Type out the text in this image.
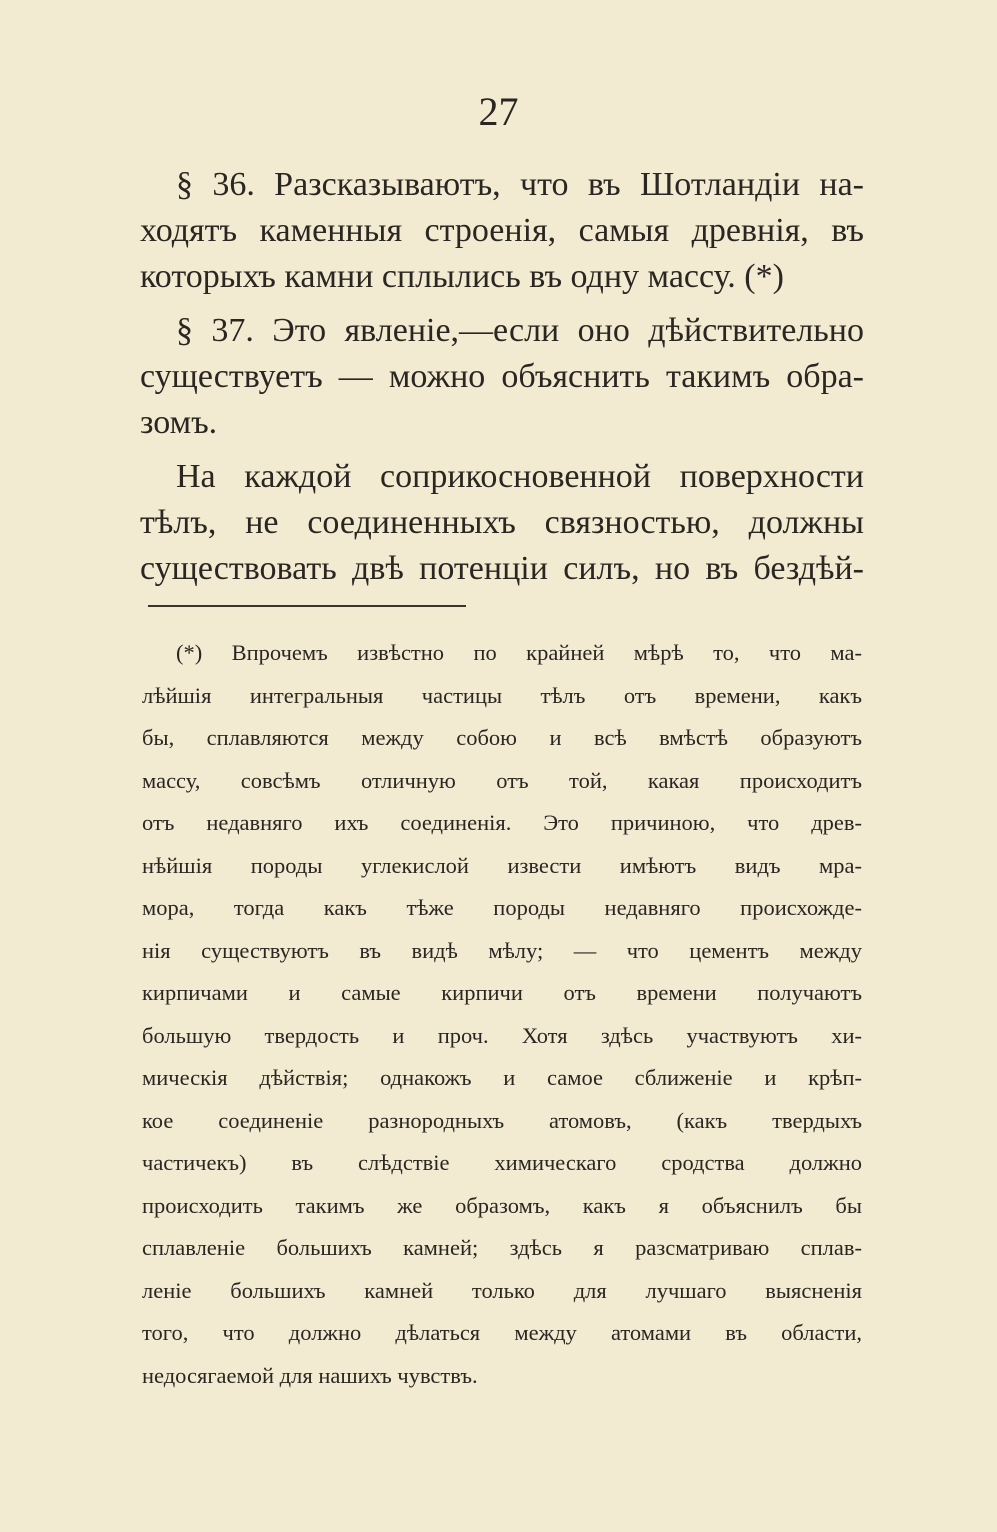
27
§ 36. Разсказываютъ, что въ Шотландіи на-
ходятъ каменныя строенія, самыя древнія, въ
которыхъ камни сплылись въ одну массу. (*)
§ 37. Это явленіе,—если оно дѣйствительно
существуетъ — можно объяснить такимъ обра-
зомъ.
На каждой соприкосновенной поверхности
тѣлъ, не соединенныхъ связностью, должны
существовать двѣ потенціи силъ, но въ бездѣй-
(*) Впрочемъ извѣстно по крайней мѣрѣ то, что ма-
лѣйшія интегральныя частицы тѣлъ отъ времени, какъ
бы, сплавляются между собою и всѣ вмѣстѣ образуютъ
массу, совсѣмъ отличную отъ той, какая происходитъ
отъ недавняго ихъ соединенія. Это причиною, что древ-
нѣйшія породы углекислой извести имѣютъ видъ мра-
мора, тогда какъ тѣже породы недавняго происхожде-
нія существуютъ въ видѣ мѣлу; — что цементъ между
кирпичами и самые кирпичи отъ времени получаютъ
большую твердость и проч. Хотя здѣсь участвуютъ хи-
мическія дѣйствія; однакожъ и самое сближеніе и крѣп-
кое соединеніе разнородныхъ атомовъ, (какъ твердыхъ
частичекъ) въ слѣдствіе химическаго сродства должно
происходить такимъ же образомъ, какъ я объяснилъ бы
сплавленіе большихъ камней; здѣсь я разсматриваю сплав-
леніе большихъ камней только для лучшаго выясненія
того, что должно дѣлаться между атомами въ области,
недосягаемой для нашихъ чувствъ.
